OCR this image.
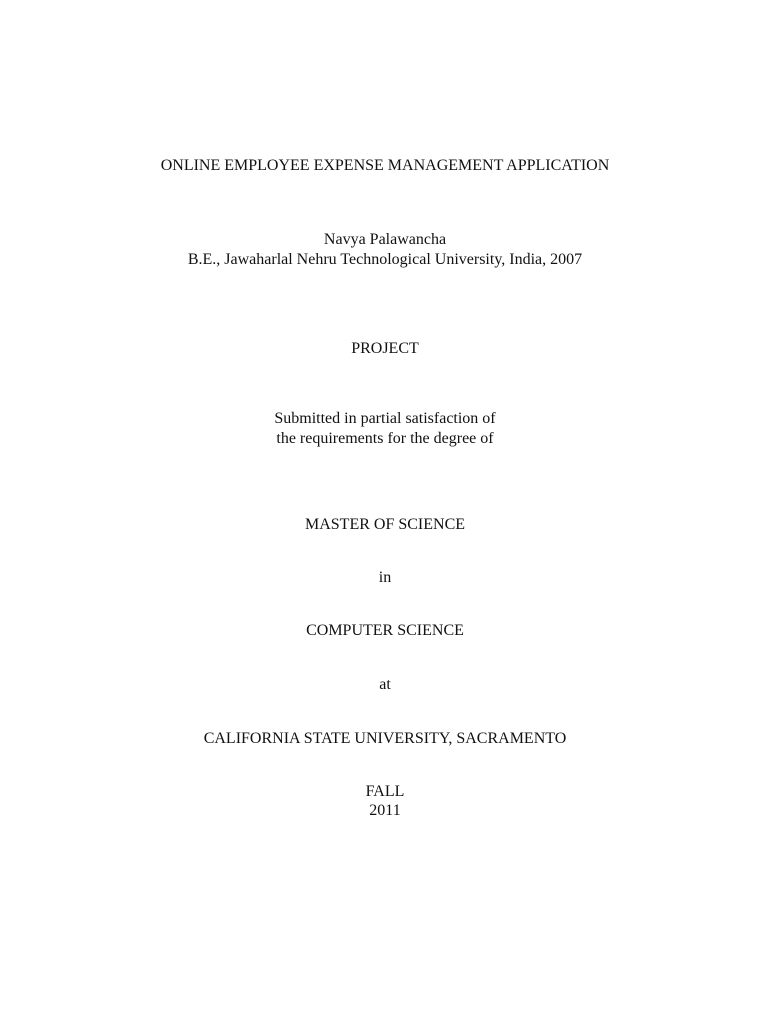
ONLINE EMPLOYEE EXPENSE MANAGEMENT APPLICATION
Navya Palawancha
B.E., Jawaharlal Nehru Technological University, India, 2007
PROJECT
Submitted in partial satisfaction of
the requirements for the degree of
MASTER OF SCIENCE
in
COMPUTER SCIENCE
at
CALIFORNIA STATE UNIVERSITY, SACRAMENTO
FALL
2011
